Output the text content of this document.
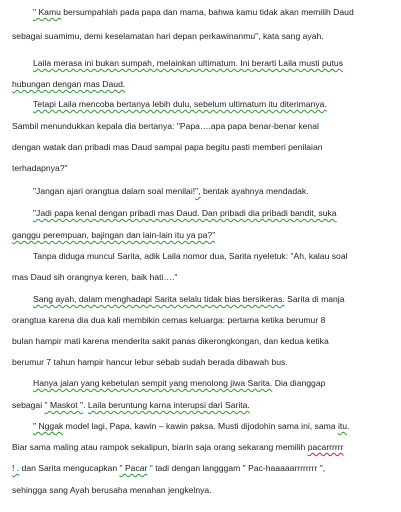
" Kamu bersumpahlah pada papa dan mama, bahwa kamu tidak akan memilih Daud
sebagai suamimu, demi keselamatan hari depan perkawinanmu", kata sang ayah.
Laila merasa ini bukan sumpah, melainkan ultimatum. Ini berarti Laila musti putus
hubungan dengan mas Daud.
Tetapi Laila mencoba bertanya lebih dulu, sebelum ultimatum itu diterimanya.
Sambil menundukkan kepala dia bertanya: "Papa….apa papa benar-benar kenal
dengan watak dan pribadi mas Daud sampai papa begitu pasti memberi penilaian
terhadapnya?"
"Jangan ajari orangtua dalam soal menilai!", bentak ayahnya mendadak.
"Jadi papa kenal dengan pribadi mas Daud. Dan pribadi dia pribadi bandit, suka
ganggu perempuan, bajingan dan lain-lain itu ya pa?"
Tanpa diduga muncul Sarita, adik Laila nomor dua, Sarita nyeletuk: "Ah, kalau soal
mas Daud sih orangnya keren, baik hati…."
Sang ayah, dalam menghadapi Sarita selalu tidak bias bersikeras. Sarita di manja
orangtua karena dia dua kali membikin cemas keluarga: pertama ketika berumur 8
bulan hampir mati karena menderita sakit panas dikerongkongan, dan kedua ketika
berumur 7 tahun hampir hancur lebur sebab sudah berada dibawah bus.
Hanya jalan yang kebetulan sempit yang menolong jiwa Sarita. Dia dianggap
sebagai " Maskot ". Laila beruntung karna interupsi dari Sarita.
" Nggak model lagi, Papa, kawin – kawin paksa. Musti dijodohin sama ini, sama itu.
Biar sama maling atau rampok sekalipun, biarin saja orang sekarang memilih pacarrrrrr
! . dan Sarita mengucapkan " Pacar " tadi dengan langggam " Pac-haaaaarrrrrrrr ",
sehingga sang Ayah berusaha menahan jengkelnya.
